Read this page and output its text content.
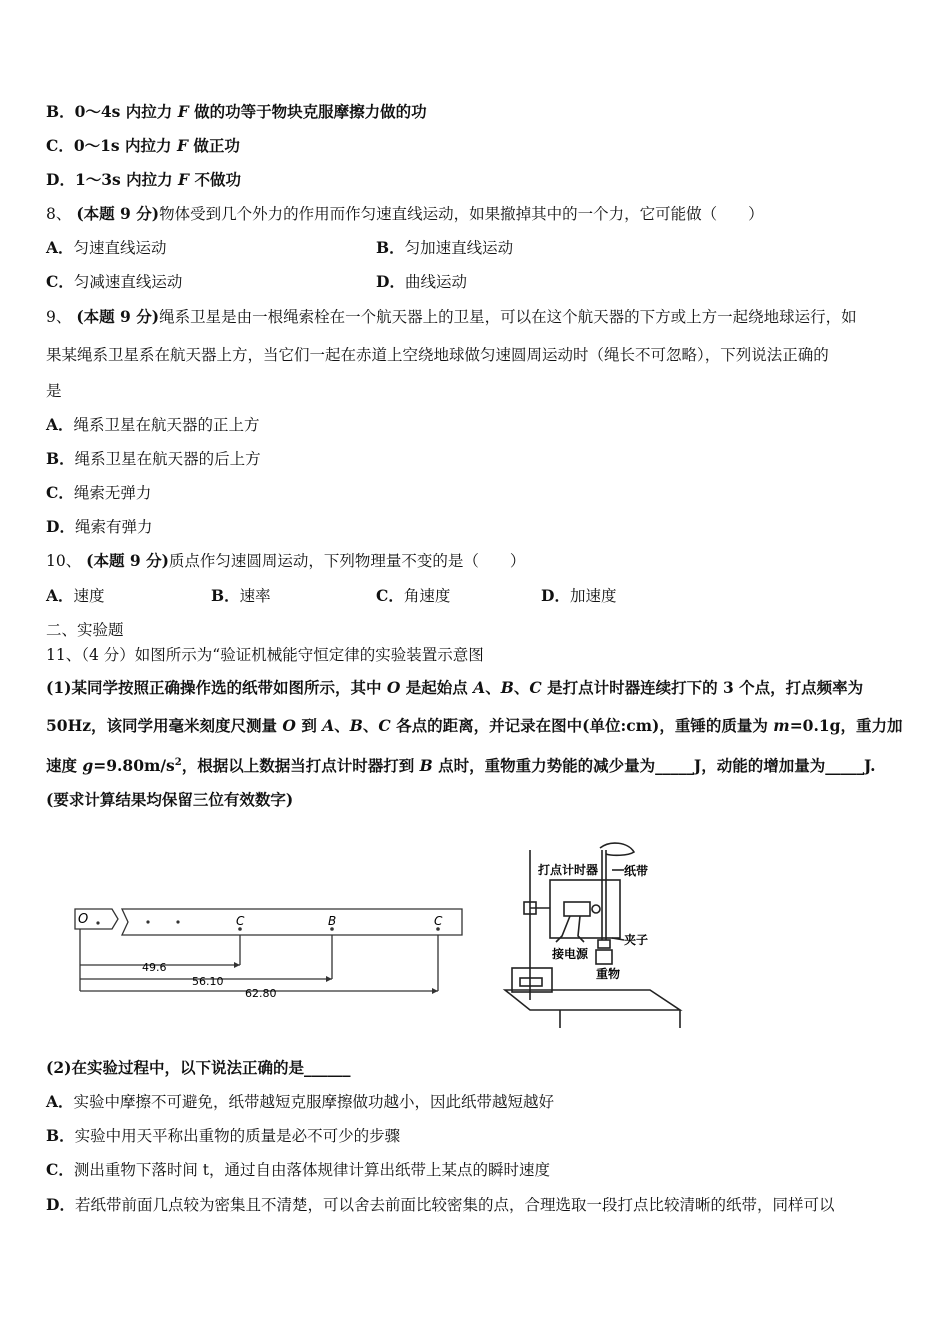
B．0～4s 内拉力 F 做的功等于物块克服摩擦力做的功
C．0～1s 内拉力 F 做正功
D．1～3s 内拉力 F 不做功
8、 (本题 9 分)物体受到几个外力的作用而作匀速直线运动，如果撤掉其中的一个力，它可能做（　　）
A．匀速直线运动	B．匀加速直线运动
C．匀减速直线运动	D．曲线运动
9、 (本题 9 分)绳系卫星是由一根绳索栓在一个航天器上的卫星，可以在这个航天器的下方或上方一起绕地球运行，如
果某绳系卫星系在航天器上方，当它们一起在赤道上空绕地球做匀速圆周运动时（绳长不可忽略），下列说法正确的
是
A．绳系卫星在航天器的正上方
B．绳系卫星在航天器的后上方
C．绳索无弹力
D．绳索有弹力
10、 (本题 9 分)质点作匀速圆周运动，下列物理量不变的是（　　）
A．速度	B．速率	C．角速度	D．加速度
二、实验题
11、（4 分）如图所示为“验证机械能守恒定律的实验装置示意图
(1)某同学按照正确操作选的纸带如图所示，其中 O 是起始点 A、B、C 是打点计时器连续打下的 3 个点，打点频率为
50Hz，该同学用毫米刻度尺测量 O 到 A、B、C 各点的距离，并记录在图中(单位:cm)，重锤的质量为 m=0.1g，重力加
速度 $g=9.80m/s^2$，根据以上数据当打点计时器打到 B 点时，重物重力势能的减少量为_____J，动能的增加量为_____J.
(要求计算结果均保留三位有效数字)
O	C	B	C
49.6
56.10
62.80
打点计时器 纸带
夹子
接电源
重物
(2)在实验过程中，以下说法正确的是______
A．实验中摩擦不可避免，纸带越短克服摩擦做功越小，因此纸带越短越好
B．实验中用天平称出重物的质量是必不可少的步骤
C．测出重物下落时间 t，通过自由落体规律计算出纸带上某点的瞬时速度
D．若纸带前面几点较为密集且不清楚，可以舍去前面比较密集的点，合理选取一段打点比较清晰的纸带，同样可以
